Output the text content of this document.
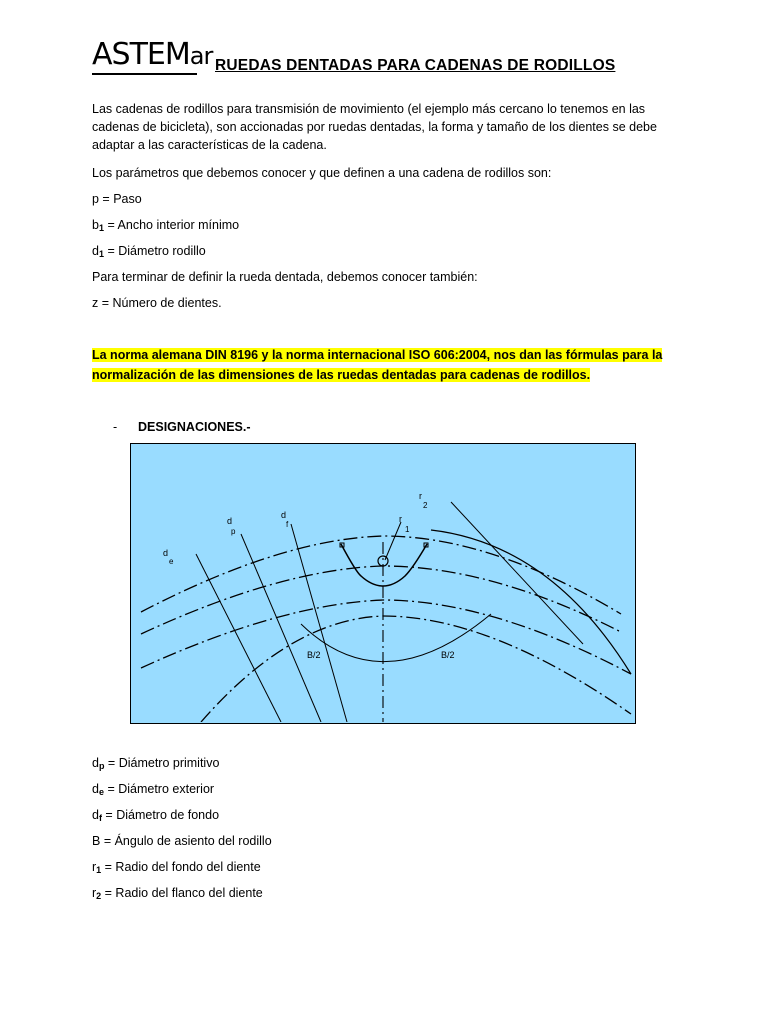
ASTEMar RUEDAS DENTADAS PARA CADENAS DE RODILLOS
Las cadenas de rodillos para transmisión de movimiento (el ejemplo más cercano lo tenemos en las
cadenas de bicicleta), son accionadas por ruedas dentadas, la forma y tamaño de los dientes se debe
adaptar a las características de la cadena.
Los parámetros que debemos conocer y que definen a una cadena de rodillos son:
p = Paso
$b_1$ = Ancho interior mínimo
$d_1$ = Diámetro rodillo
Para terminar de definir la rueda dentada, debemos conocer también:
z = Número de dientes.
La norma alemana DIN 8196 y la norma internacional ISO 606:2004, nos dan las fórmulas para la
normalización de las dimensiones de las ruedas dentadas para cadenas de rodillos.
- DESIGNACIONES.-
d
p
d
f
d
e
r
1
r
2
B/2	B/2
$d_p$ = Diámetro primitivo
$d_e$ = Diámetro exterior
$d_f$ = Diámetro de fondo
B = Ángulo de asiento del rodillo
$r_1$ = Radio del fondo del diente
$r_2$ = Radio del flanco del diente
